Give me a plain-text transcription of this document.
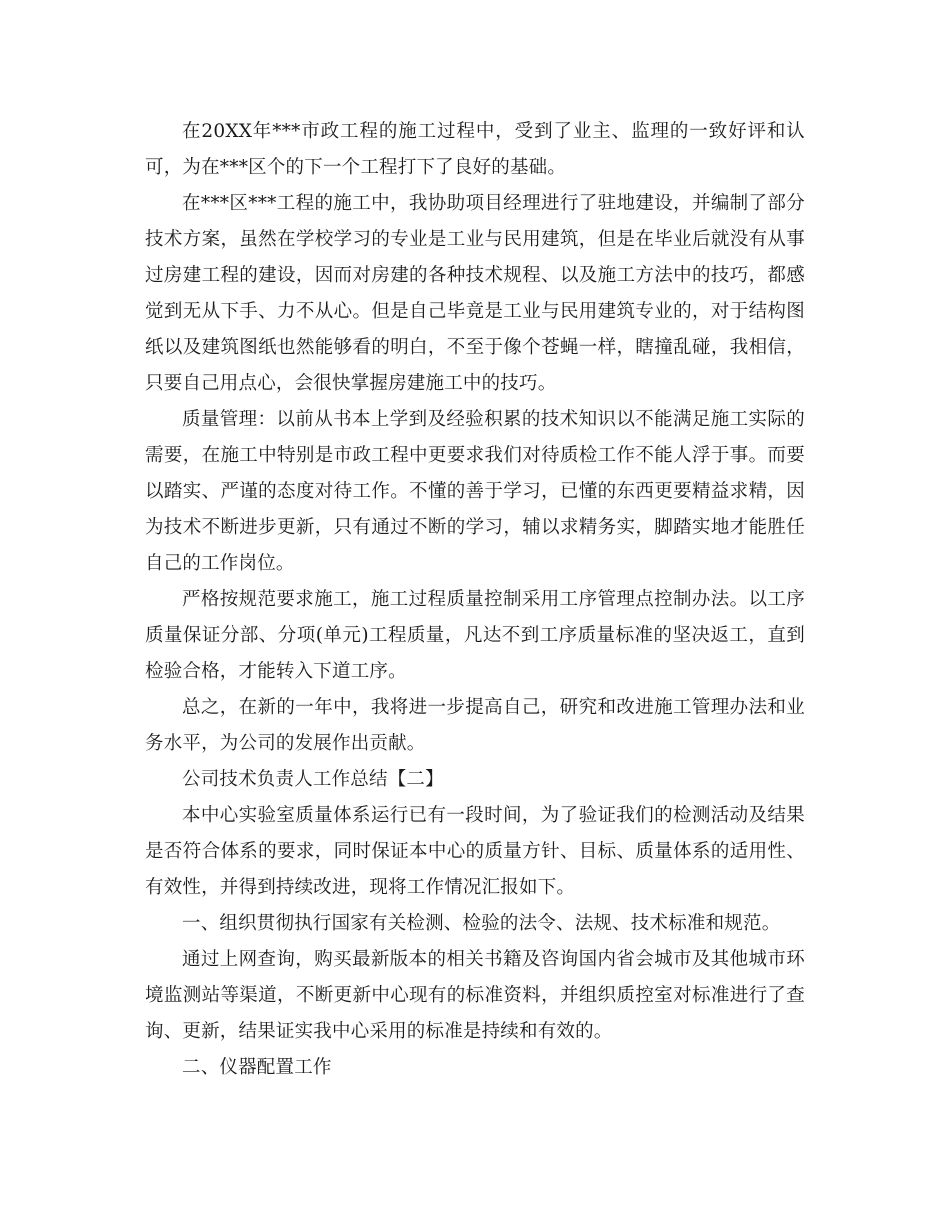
在20XX年***市政工程的施工过程中，受到了业主、监理的一致好评和认可，为在***区个的下一个工程打下了良好的基础。

在***区***工程的施工中，我协助项目经理进行了驻地建设，并编制了部分技术方案，虽然在学校学习的专业是工业与民用建筑，但是在毕业后就没有从事过房建工程的建设，因而对房建的各种技术规程、以及施工方法中的技巧，都感觉到无从下手、力不从心。但是自己毕竟是工业与民用建筑专业的，对于结构图纸以及建筑图纸也然能够看的明白，不至于像个苍蝇一样，瞎撞乱碰，我相信，只要自己用点心，会很快掌握房建施工中的技巧。

质量管理：以前从书本上学到及经验积累的技术知识以不能满足施工实际的需要，在施工中特别是市政工程中更要求我们对待质检工作不能人浮于事。而要以踏实、严谨的态度对待工作。不懂的善于学习，已懂的东西更要精益求精，因为技术不断进步更新，只有通过不断的学习，辅以求精务实，脚踏实地才能胜任自己的工作岗位。

严格按规范要求施工，施工过程质量控制采用工序管理点控制办法。以工序质量保证分部、分项(单元)工程质量，凡达不到工序质量标准的坚决返工，直到检验合格，才能转入下道工序。

总之，在新的一年中，我将进一步提高自己，研究和改进施工管理办法和业务水平，为公司的发展作出贡献。

公司技术负责人工作总结【二】

本中心实验室质量体系运行已有一段时间，为了验证我们的检测活动及结果是否符合体系的要求，同时保证本中心的质量方针、目标、质量体系的适用性、有效性，并得到持续改进，现将工作情况汇报如下。

一、组织贯彻执行国家有关检测、检验的法令、法规、技术标准和规范。

通过上网查询，购买最新版本的相关书籍及咨询国内省会城市及其他城市环境监测站等渠道，不断更新中心现有的标准资料，并组织质控室对标准进行了查询、更新，结果证实我中心采用的标准是持续和有效的。

二、仪器配置工作
